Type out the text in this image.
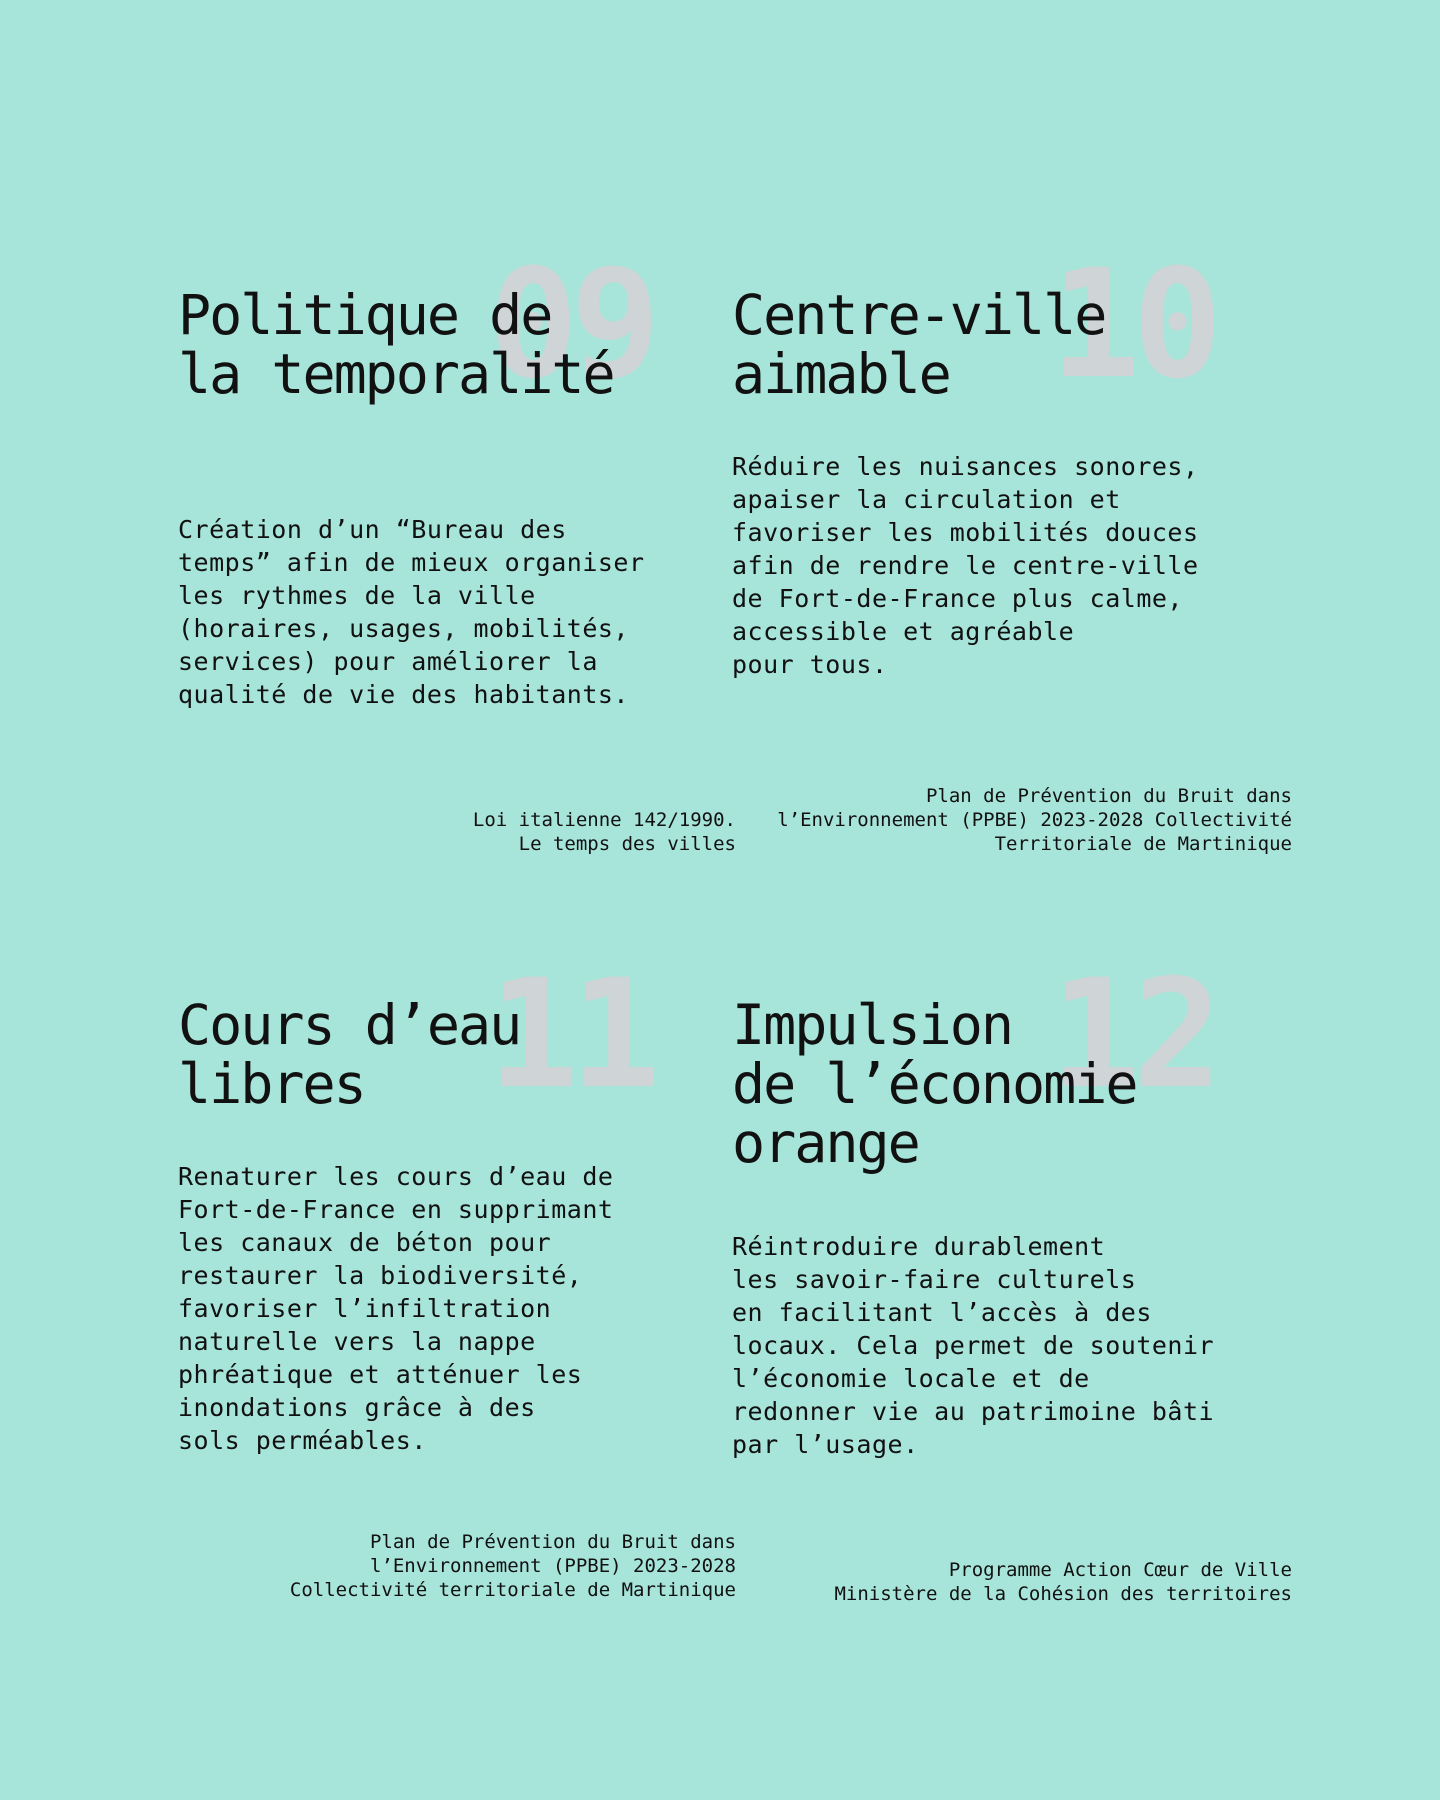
09
Politique de
la temporalité

Création d’un “Bureau des
temps” afin de mieux organiser
les rythmes de la ville
(horaires, usages, mobilités,
services) pour améliorer la
qualité de vie des habitants.

Loi italienne 142/1990.
Le temps des villes

10
Centre-ville
aimable

Réduire les nuisances sonores,
apaiser la circulation et
favoriser les mobilités douces
afin de rendre le centre-ville
de Fort-de-France plus calme,
accessible et agréable
pour tous.

Plan de Prévention du Bruit dans
l’Environnement (PPBE) 2023-2028 Collectivité
Territoriale de Martinique

11
Cours d’eau
libres

Renaturer les cours d’eau de
Fort-de-France en supprimant
les canaux de béton pour
restaurer la biodiversité,
favoriser l’infiltration
naturelle vers la nappe
phréatique et atténuer les
inondations grâce à des
sols perméables.

Plan de Prévention du Bruit dans
l’Environnement (PPBE) 2023-2028
Collectivité territoriale de Martinique

12
Impulsion
de l’économie
orange

Réintroduire durablement
les savoir-faire culturels
en facilitant l’accès à des
locaux. Cela permet de soutenir
l’économie locale et de
redonner vie au patrimoine bâti
par l’usage.

Programme Action Cœur de Ville
Ministère de la Cohésion des territoires
